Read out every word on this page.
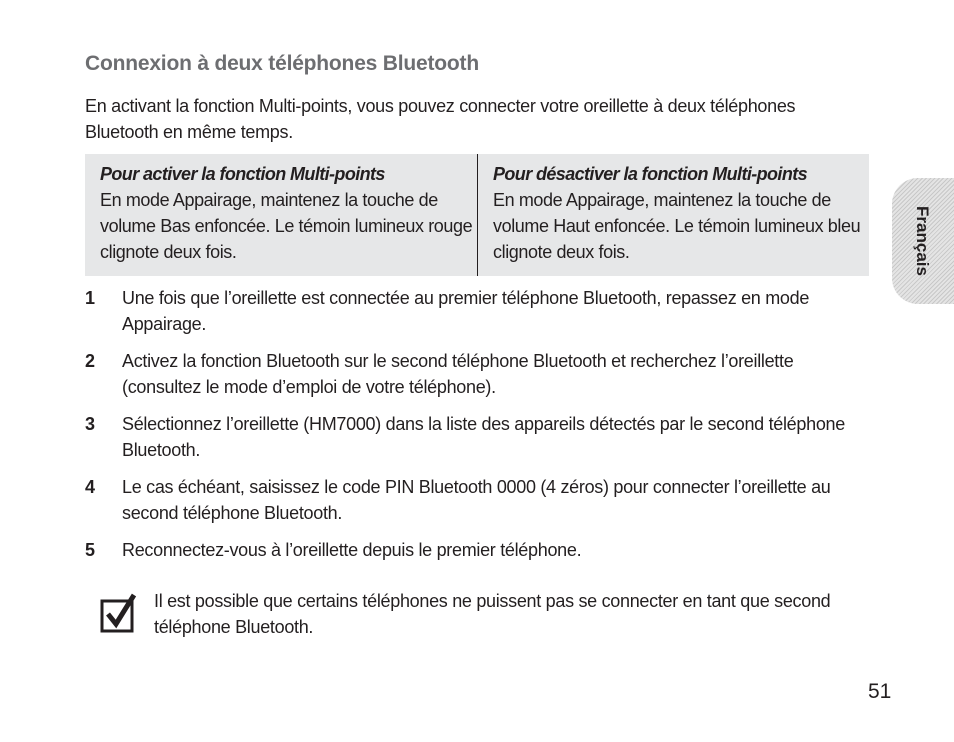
Connexion à deux téléphones Bluetooth
En activant la fonction Multi-points, vous pouvez connecter votre oreillette à deux téléphones Bluetooth en même temps.
Pour activer la fonction Multi-points
En mode Appairage, maintenez la touche de volume Bas enfoncée. Le témoin lumineux rouge clignote deux fois.
Pour désactiver la fonction Multi-points
En mode Appairage, maintenez la touche de volume Haut enfoncée. Le témoin lumineux bleu clignote deux fois.
1 Une fois que l’oreillette est connectée au premier téléphone Bluetooth, repassez en mode Appairage.
2 Activez la fonction Bluetooth sur le second téléphone Bluetooth et recherchez l’oreillette (consultez le mode d’emploi de votre téléphone).
3 Sélectionnez l’oreillette (HM7000) dans la liste des appareils détectés par le second téléphone Bluetooth.
4 Le cas échéant, saisissez le code PIN Bluetooth 0000 (4 zéros) pour connecter l’oreillette au second téléphone Bluetooth.
5 Reconnectez-vous à l’oreillette depuis le premier téléphone.
Il est possible que certains téléphones ne puissent pas se connecter en tant que second téléphone Bluetooth.
Français
51
